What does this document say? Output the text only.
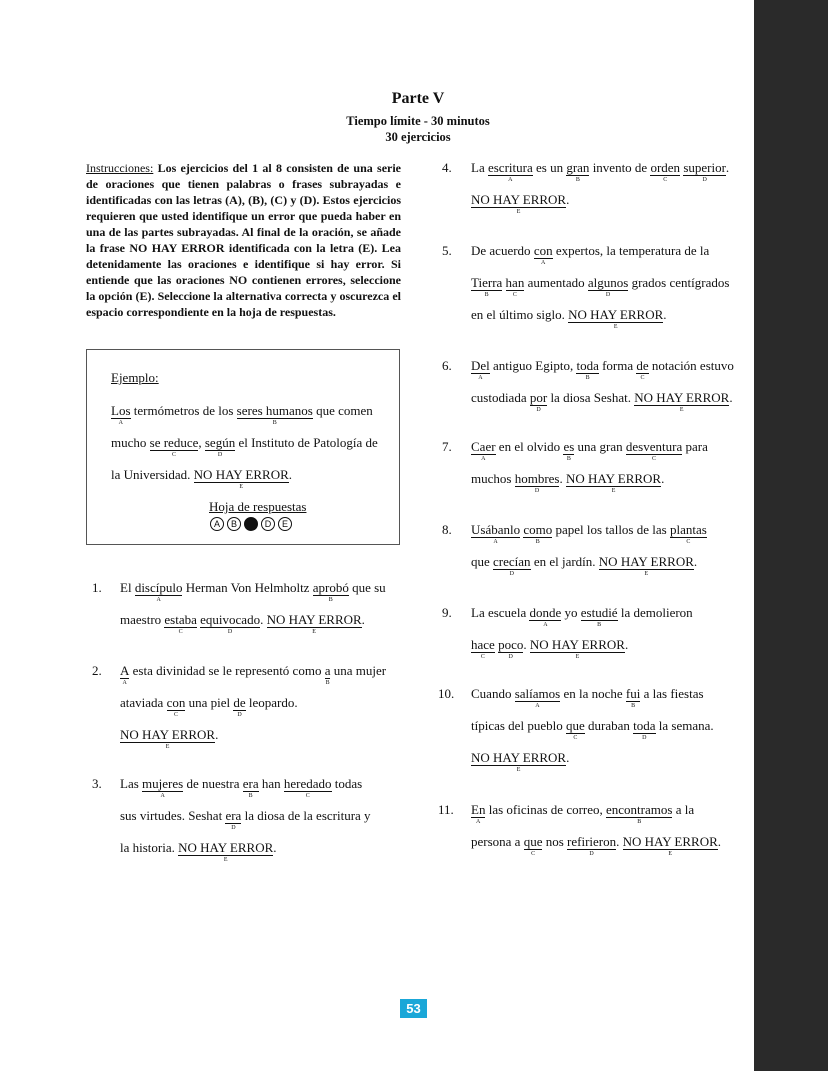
Parte V
Tiempo límite - 30 minutos
30 ejercicios
Instrucciones: Los ejercicios del 1 al 8 consisten de una serie de oraciones que tienen palabras o frases subrayadas e identificadas con las letras (A), (B), (C) y (D). Estos ejercicios requieren que usted identifique un error que pueda haber en una de las partes subrayadas. Al final de la oración, se añade la frase NO HAY ERROR identificada con la letra (E). Lea detenidamente las oraciones e identifique si hay error. Si entiende que las oraciones NO contienen errores, seleccione la opción (E). Seleccione la alternativa correcta y oscurezca el espacio correspondiente en la hoja de respuestas.
Ejemplo:
Hoja de respuestas
A	B	D	E
Los
A
termómetros de los seres humanos
B
que comen
mucho se reduce
C
, según
D
el Instituto de Patología de
la Universidad. NO HAY ERROR
E
.
1. El discípulo
A
Herman Von Helmholtz aprobó
B
que su
maestro estaba
C
equivocado
D
. NO HAY ERROR
E
.
2. A
A
esta divinidad se le representó como a
B
una mujer
ataviada con
C
una piel de
D
leopardo.
NO HAY ERROR
E
.
3. Las mujeres
A
de nuestra era
B
han heredado
C
todas
sus virtudes. Seshat era
D
la diosa de la escritura y
la historia. NO HAY ERROR
E
.
4. La escritura
A
es un gran
B
invento de orden
C
superior
D
.
NO HAY ERROR
E
.
5. De acuerdo con
A
expertos, la temperatura de la
Tierra
B
han
C
aumentado algunos
D
grados centígrados
en el último siglo. NO HAY ERROR
E
.
6. Del
A
antiguo Egipto, toda
B
forma de
C
notación estuvo
custodiada por
D
la diosa Seshat. NO HAY ERROR
E
.
7. Caer
A
en el olvido es
B
una gran desventura
C
para
muchos hombres
D
. NO HAY ERROR
E
.
8. Usábanlo
A
como
B
papel los tallos de las plantas
C
que crecían
D
en el jardín. NO HAY ERROR
E
.
9. La escuela donde
A
yo estudié
B
la demolieron
hace
C
poco
D
. NO HAY ERROR
E
.
10. Cuando salíamos
A
en la noche fui
B
a las fiestas
típicas del pueblo que
C
duraban toda
D
la semana.
NO HAY ERROR
E
.
11. En
A
las oficinas de correo, encontramos
B
a la
persona a que
C
nos refirieron
D
. NO HAY ERROR
E
.
53
